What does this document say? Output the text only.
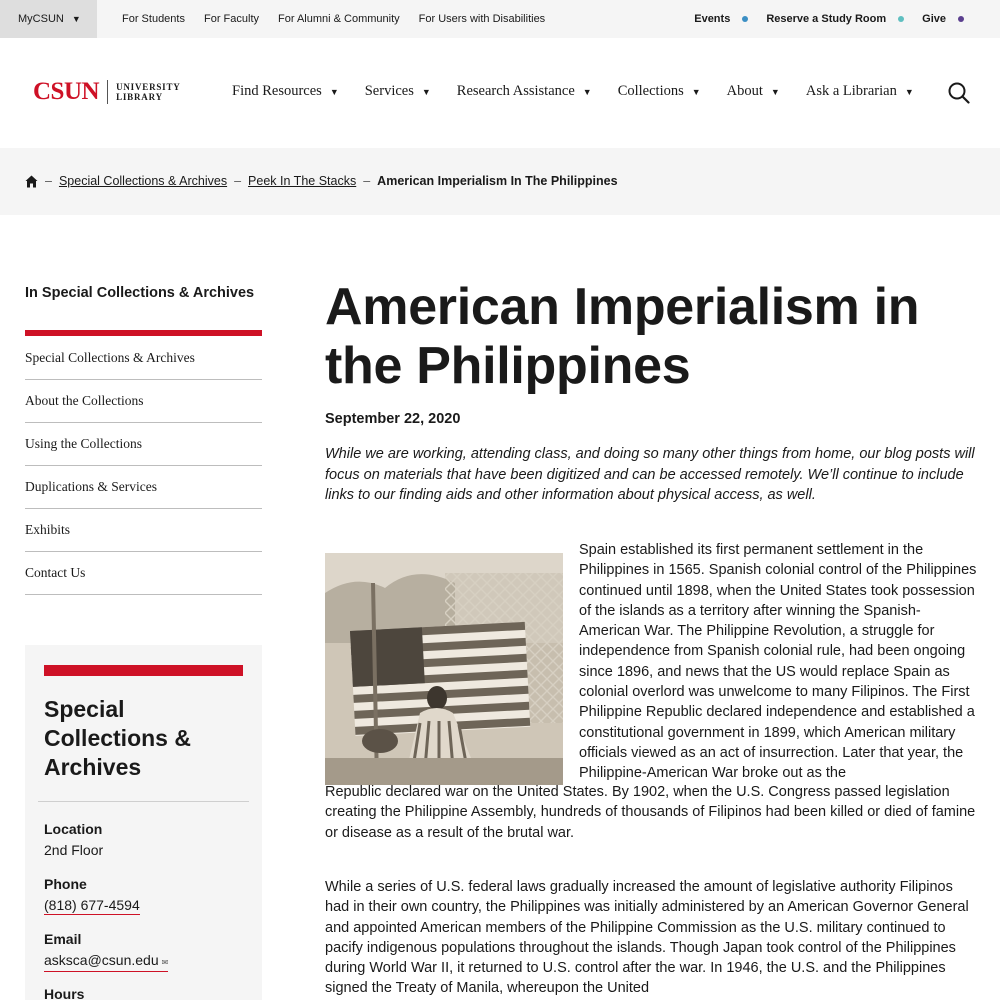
MyCSUN ▼	For Students For Faculty For Alumni & Community For Users with Disabilities	Events	Reserve a Study Room	Give
CSUN UNIVERSITY
LIBRARY	Find Resources ▼ Services ▼ Research Assistance ▼ Collections ▼ About ▼ Ask a Librarian ▼
– Special Collections & Archives – Peek In The Stacks – American Imperialism In The Philippines
In Special Collections & Archives
Special Collections & Archives
About the Collections
Using the Collections
Duplications & Services
Exhibits
Contact Us
Special Collections & Archives
Location
2nd Floor
Phone
(818) 677-4594
Email
asksca@csun.edu ✉
Hours
American Imperialism in the Philippines
September 22, 2020

While we are working, attending class, and doing so many other things from home, our blog posts will focus on materials that have been digitized and can be accessed remotely. We’ll continue to include links to our finding aids and other information about physical access, as well.

Spain established its first permanent settlement in the Philippines in 1565. Spanish colonial control of the Philippines continued until 1898, when the United States took possession of the islands as a territory after winning the Spanish-American War. The Philippine Revolution, a struggle for independence from Spanish colonial rule, had been ongoing since 1896, and news that the US would replace Spain as colonial overlord was unwelcome to many Filipinos. The First Philippine Republic declared independence and established a constitutional government in 1899, which American military officials viewed as an act of insurrection. Later that year, the Philippine-American War broke out as the

Republic declared war on the United States. By 1902, when the U.S. Congress passed legislation creating the Philippine Assembly, hundreds of thousands of Filipinos had been killed or died of famine or disease as a result of the brutal war.

While a series of U.S. federal laws gradually increased the amount of legislative authority Filipinos had in their own country, the Philippines was initially administered by an American Governor General and appointed American members of the Philippine Commission as the U.S. military continued to pacify indigenous populations throughout the islands. Though Japan took control of the Philippines during World War II, it returned to U.S. control after the war. In 1946, the U.S. and the Philippines signed the Treaty of Manila, whereupon the United
